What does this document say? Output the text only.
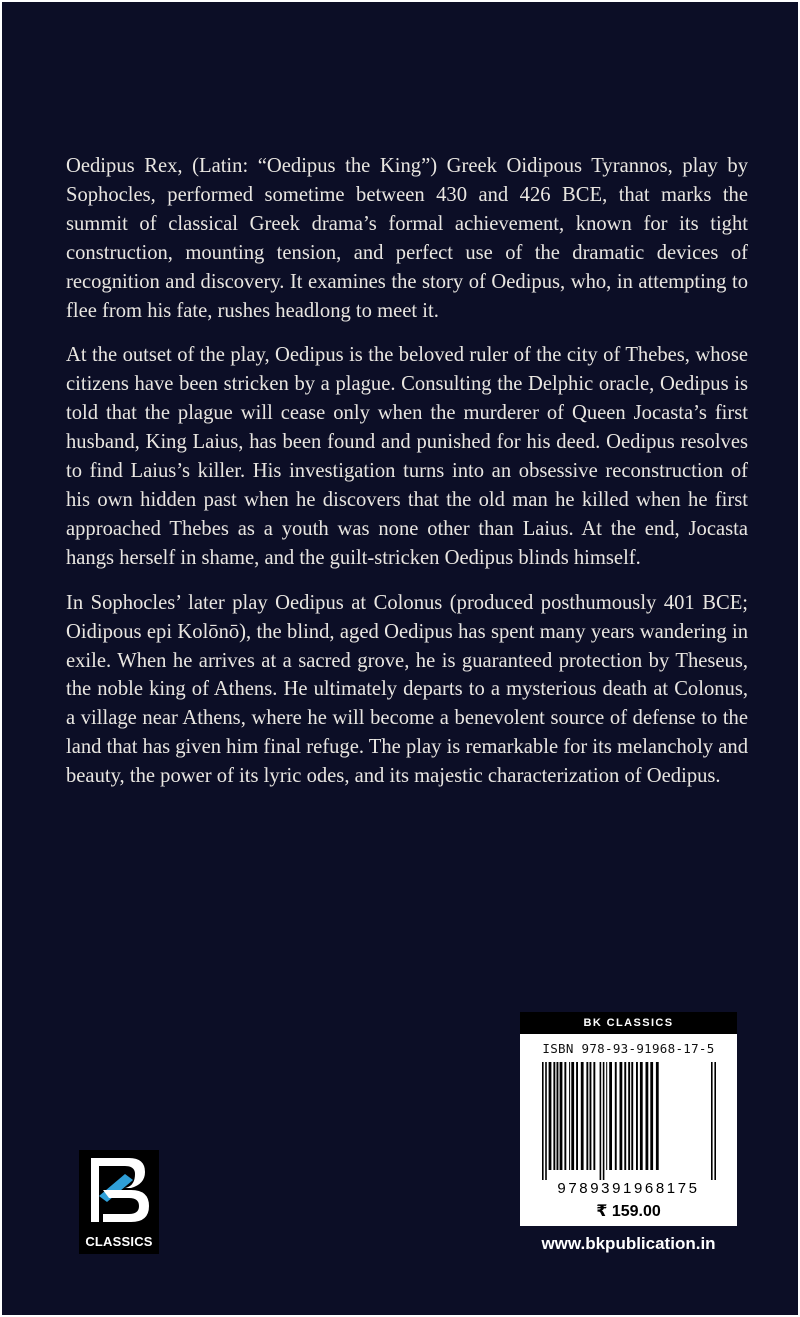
Oedipus Rex, (Latin: “Oedipus the King”) Greek Oidipous Tyrannos, play by Sophocles, performed sometime between 430 and 426 BCE, that marks the summit of classical Greek drama’s formal achievement, known for its tight construction, mounting tension, and perfect use of the dramatic devices of recognition and discovery. It examines the story of Oedipus, who, in attempting to flee from his fate, rushes headlong to meet it.

At the outset of the play, Oedipus is the beloved ruler of the city of Thebes, whose citizens have been stricken by a plague. Consulting the Delphic oracle, Oedipus is told that the plague will cease only when the murderer of Queen Jocasta’s first husband, King Laius, has been found and punished for his deed. Oedipus resolves to find Laius’s killer. His investigation turns into an obsessive reconstruction of his own hidden past when he discovers that the old man he killed when he first approached Thebes as a youth was none other than Laius. At the end, Jocasta hangs herself in shame, and the guilt-stricken Oedipus blinds himself.

In Sophocles’ later play Oedipus at Colonus (produced posthumously 401 BCE; Oidipous epi Kolōnō), the blind, aged Oedipus has spent many years wandering in exile. When he arrives at a sacred grove, he is guaranteed protection by Theseus, the noble king of Athens. He ultimately departs to a mysterious death at Colonus, a village near Athens, where he will become a benevolent source of defense to the land that has given him final refuge. The play is remarkable for its melancholy and beauty, the power of its lyric odes, and its majestic characterization of Oedipus.

CLASSICS
BK CLASSICS
ISBN 978-93-91968-17-5
9789391968175
₹ 159.00
www.bkpublication.in
